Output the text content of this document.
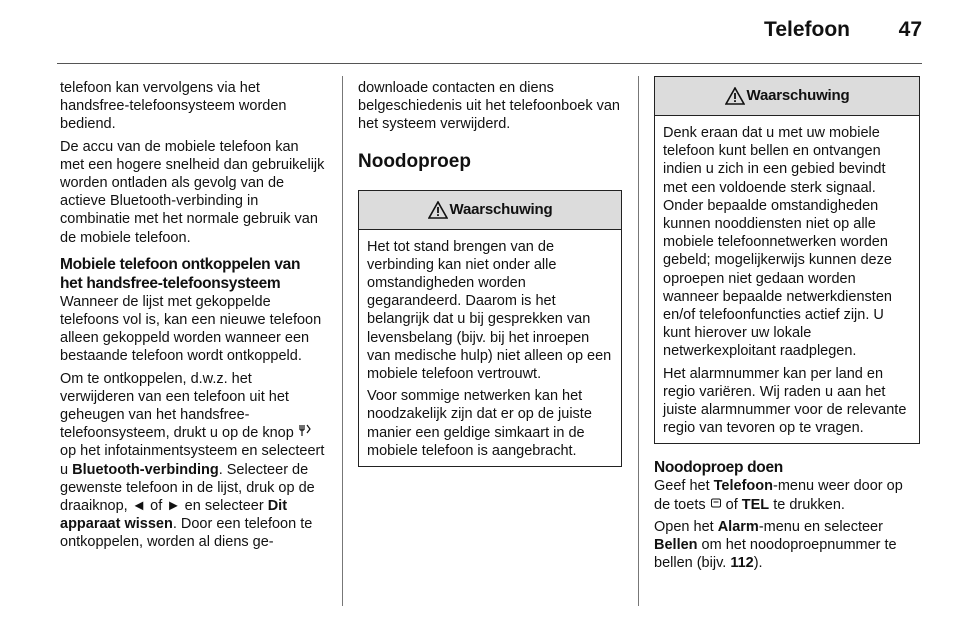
Telefoon	47

telefoon kan vervolgens via het handsfree-telefoonsysteem worden bediend.

De accu van de mobiele telefoon kan met een hogere snelheid dan gebruikelijk worden ontladen als gevolg van de actieve Bluetooth-verbinding in combinatie met het normale gebruik van de mobiele telefoon.

Mobiele telefoon ontkoppelen van het handsfree-telefoonsysteem

Wanneer de lijst met gekoppelde telefoons vol is, kan een nieuwe telefoon alleen gekoppeld worden wanneer een bestaande telefoon wordt ontkoppeld.

Om te ontkoppelen, d.w.z. het verwijderen van een telefoon uit het geheugen van het handsfree-telefoonsysteem, drukt u op de knop  op het infotainmentsysteem en selecteert u Bluetooth-verbinding. Selecteer de gewenste telefoon in de lijst, druk op de draaiknop, ◄ of ► en selecteer Dit apparaat wissen. Door een telefoon te ontkoppelen, worden al diens ge-

downloade contacten en diens belgeschiedenis uit het telefoonboek van het systeem verwijderd.

Noodoproep
Waarschuwing

Het tot stand brengen van de verbinding kan niet onder alle omstandigheden worden gegarandeerd. Daarom is het belangrijk dat u bij gesprekken van levensbelang (bijv. bij het inroepen van medische hulp) niet alleen op een mobiele telefoon vertrouwt.

Voor sommige netwerken kan het noodzakelijk zijn dat er op de juiste manier een geldige simkaart in de mobiele telefoon is aangebracht.

Waarschuwing

Denk eraan dat u met uw mobiele telefoon kunt bellen en ontvangen indien u zich in een gebied bevindt met een voldoende sterk signaal. Onder bepaalde omstandigheden kunnen nooddiensten niet op alle mobiele telefoonnetwerken worden gebeld; mogelijkerwijs kunnen deze oproepen niet gedaan worden wanneer bepaalde netwerkdiensten en/of telefoonfuncties actief zijn. U kunt hierover uw lokale netwerkexploitant raadplegen.

Het alarmnummer kan per land en regio variëren. Wij raden u aan het juiste alarmnummer voor de relevante regio van tevoren op te vragen.

Noodoproep doen

Geef het Telefoon-menu weer door op de toets of TEL te drukken.

Open het Alarm-menu en selecteer Bellen om het noodoproepnummer te bellen (bijv. 112).
